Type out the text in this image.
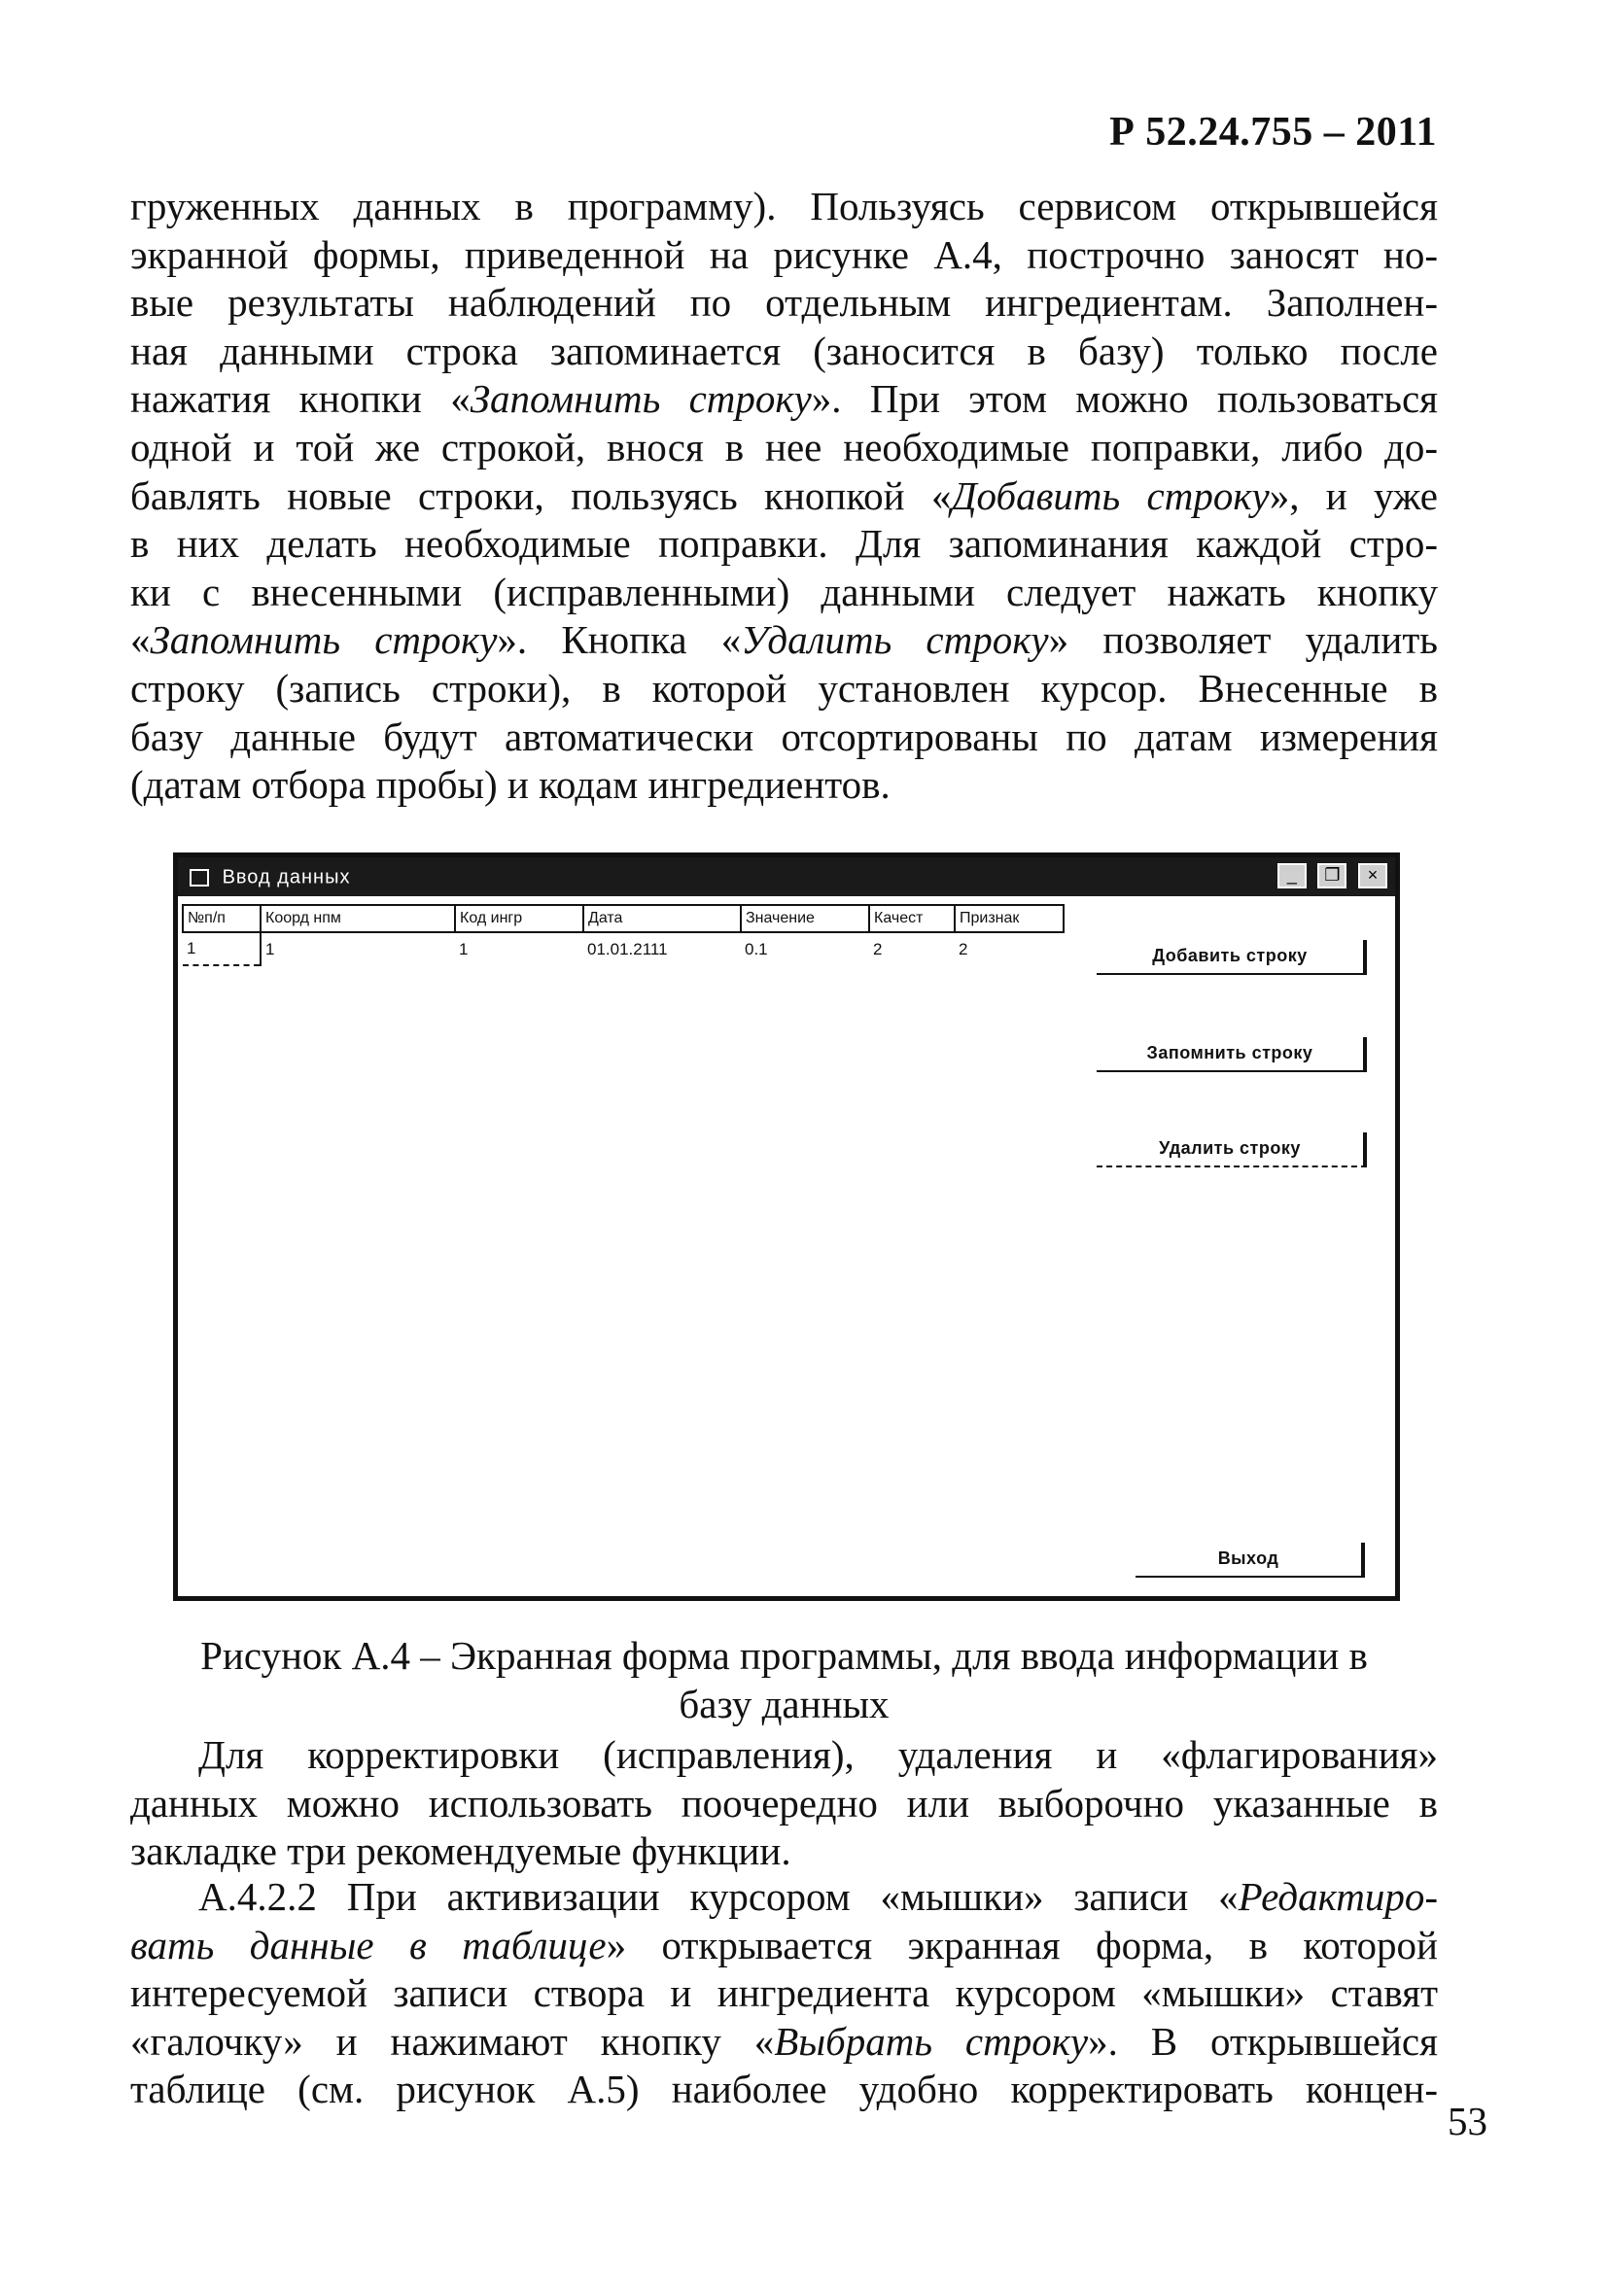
Р 52.24.755 – 2011
груженных данных в программу). Пользуясь сервисом открывшейся
экранной формы, приведенной на рисунке А.4, построчно заносят но-
вые результаты наблюдений по отдельным ингредиентам. Заполнен-
ная данными строка запоминается (заносится в базу) только после
нажатия кнопки «Запомнить строку». При этом можно пользоваться
одной и той же строкой, внося в нее необходимые поправки, либо до-
бавлять новые строки, пользуясь кнопкой «Добавить строку», и уже
в них делать необходимые поправки. Для запоминания каждой стро-
ки с внесенными (исправленными) данными следует нажать кнопку
«Запомнить строку». Кнопка «Удалить строку» позволяет удалить
строку (запись строки), в которой установлен курсор. Внесенные в
базу данные будут автоматически отсортированы по датам измерения
(датам отбора пробы) и кодам ингредиентов.
Ввод данных	_ ❐ ×
№п/п	Коорд нпм	Код ингр	Дата	Значение	Качест	Признак
1	1	1	01.01.2111	0.1	2	2	Добавить строку
Запомнить строку
Удалить строку
Выход
Рисунок А.4 – Экранная форма программы, для ввода информации в
базу данных
Для корректировки (исправления), удаления и «флагирования»
данных можно использовать поочередно или выборочно указанные в
закладке три рекомендуемые функции.
А.4.2.2 При активизации курсором «мышки» записи «Редактиро-
вать данные в таблице» открывается экранная форма, в которой
интересуемой записи створа и ингредиента курсором «мышки» ставят
«галочку» и нажимают кнопку «Выбрать строку». В открывшейся
таблице (см. рисунок А.5) наиболее удобно корректировать концен-
53
